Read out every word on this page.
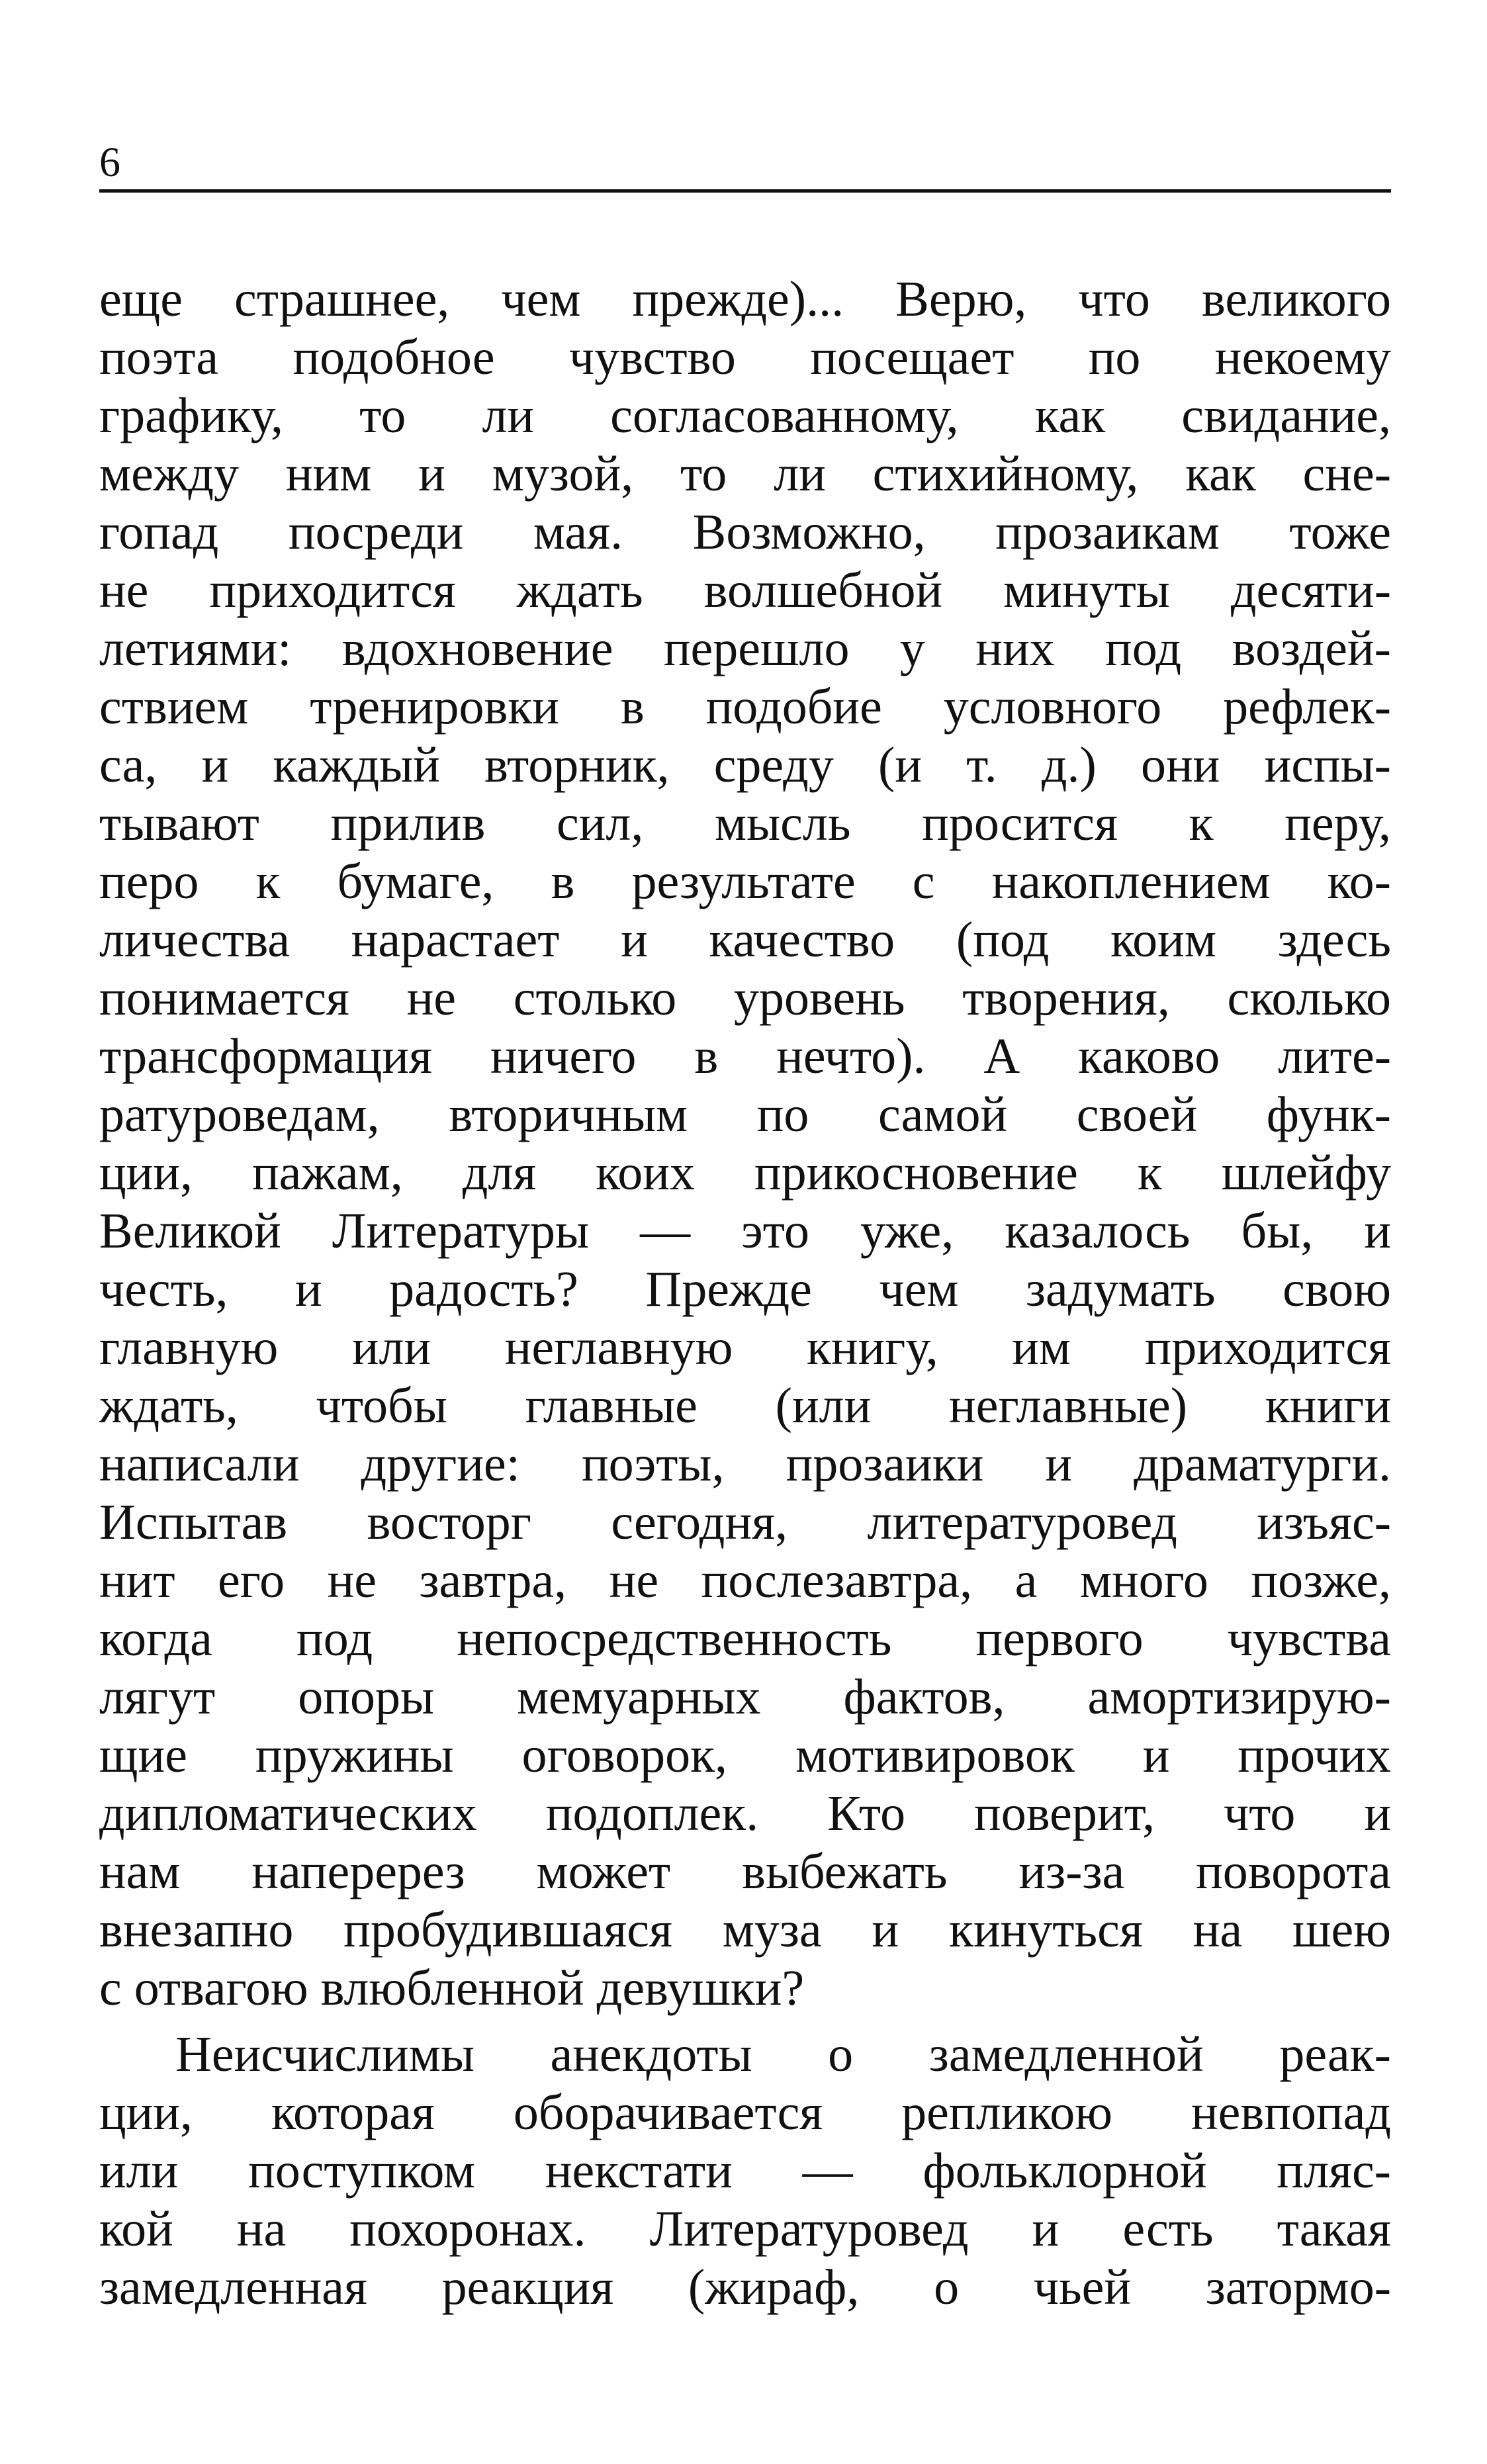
6
еще страшнее, чем прежде)... Верю, что великого
поэта подобное чувство посещает по некоему
графику, то ли согласованному, как свидание,
между ним и музой, то ли стихийному, как сне-
гопад посреди мая. Возможно, прозаикам тоже
не приходится ждать волшебной минуты десяти-
летиями: вдохновение перешло у них под воздей-
ствием тренировки в подобие условного рефлек-
са, и каждый вторник, среду (и т. д.) они испы-
тывают прилив сил, мысль просится к перу,
перо к бумаге, в результате с накоплением ко-
личества нарастает и качество (под коим здесь
понимается не столько уровень творения, сколько
трансформация ничего в нечто). А каково лите-
ратуроведам, вторичным по самой своей функ-
ции, пажам, для коих прикосновение к шлейфу
Великой Литературы — это уже, казалось бы, и
честь, и радость? Прежде чем задумать свою
главную или неглавную книгу, им приходится
ждать, чтобы главные (или неглавные) книги
написали другие: поэты, прозаики и драматурги.
Испытав восторг сегодня, литературовед изъяс-
нит его не завтра, не послезавтра, а много позже,
когда под непосредственность первого чувства
лягут опоры мемуарных фактов, амортизирую-
щие пружины оговорок, мотивировок и прочих
дипломатических подоплек. Кто поверит, что и
нам наперерез может выбежать из-за поворота
внезапно пробудившаяся муза и кинуться на шею
с отвагою влюбленной девушки?
Неисчислимы анекдоты о замедленной реак-
ции, которая оборачивается репликою невпопад
или поступком некстати — фольклорной пляс-
кой на похоронах. Литературовед и есть такая
замедленная реакция (жираф, о чьей затормо-
